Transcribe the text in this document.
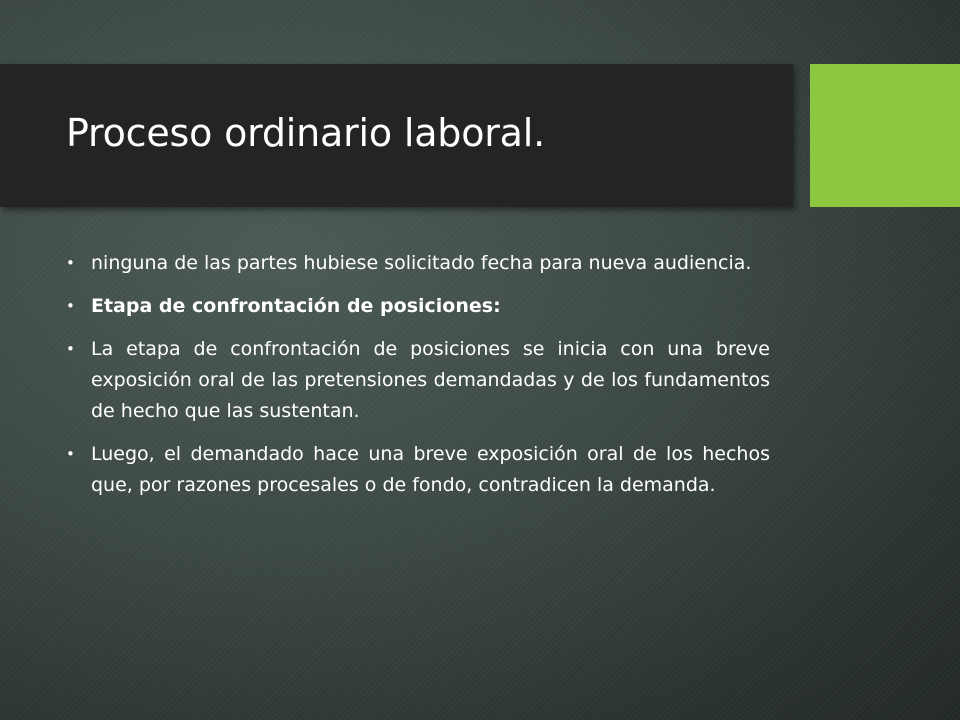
Proceso ordinario laboral.
• ninguna de las partes hubiese solicitado fecha para nueva audiencia.
• Etapa de confrontación de posiciones:
• La etapa de confrontación de posiciones se inicia con una breve exposición oral de las pretensiones demandadas y de los fundamentos de hecho que las sustentan.
• Luego, el demandado hace una breve exposición oral de los hechos que, por razones procesales o de fondo, contradicen la demanda.
